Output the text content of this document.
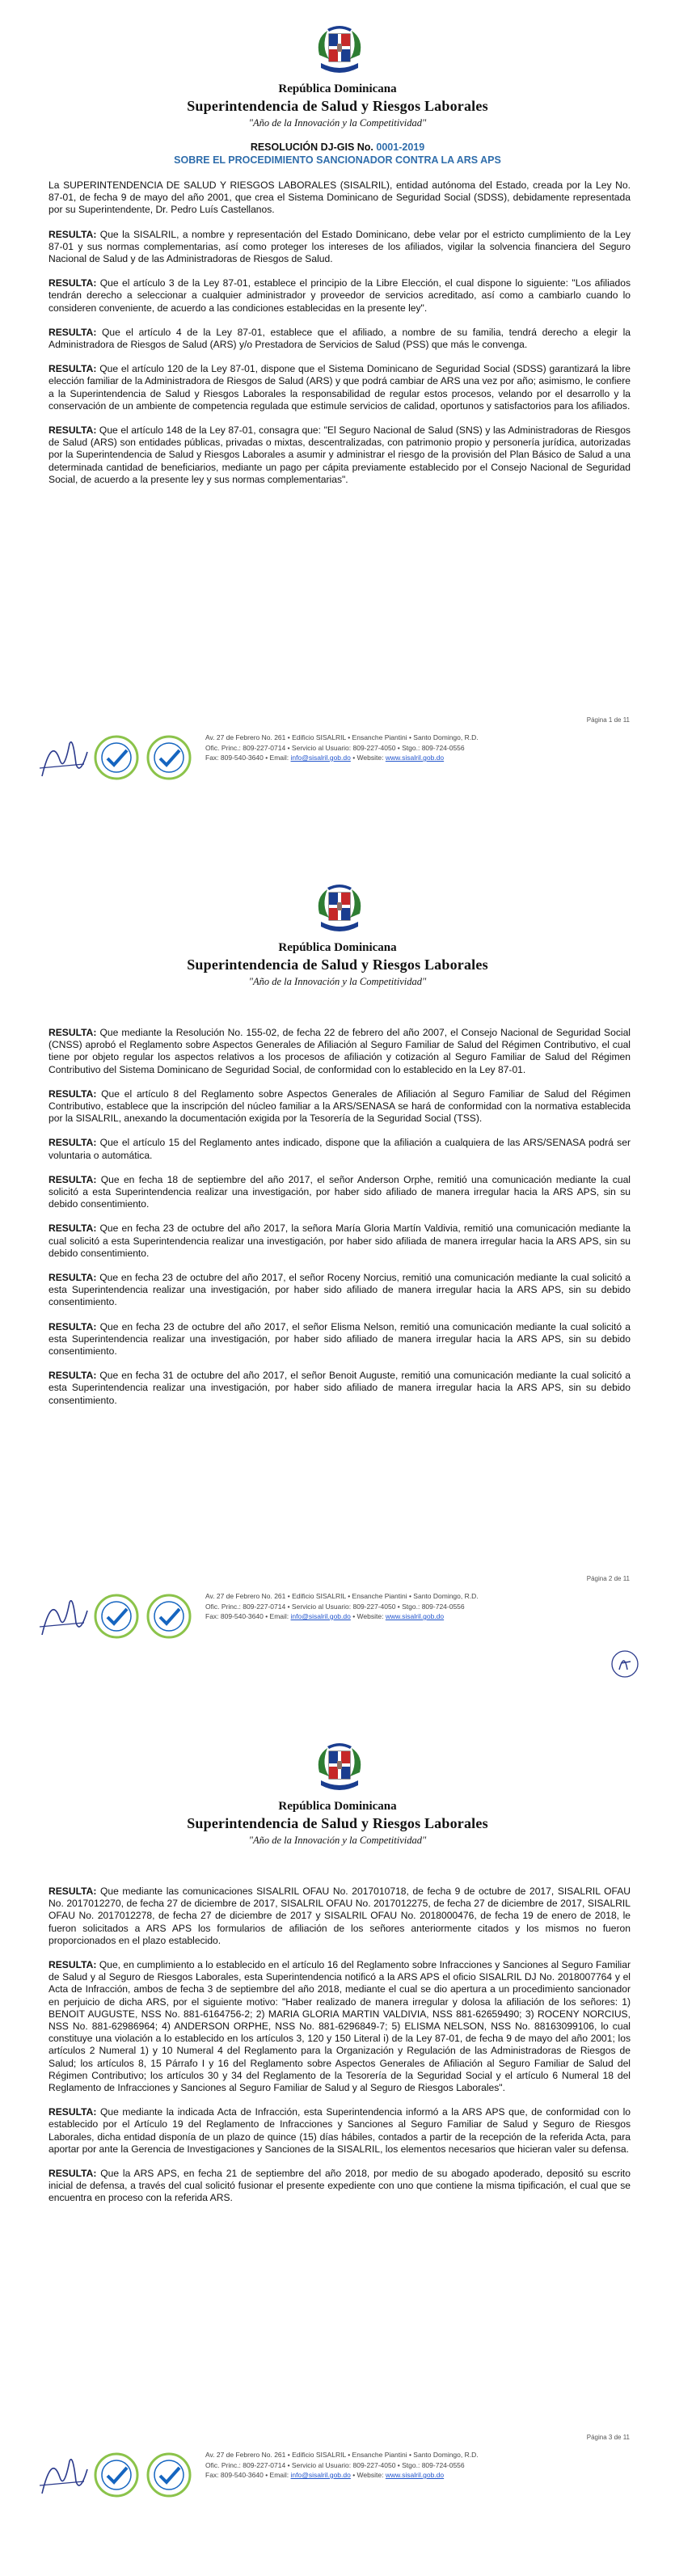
República Dominicana
Superintendencia de Salud y Riesgos Laborales
"Año de la Innovación y la Competitividad"
RESOLUCIÓN DJ-GIS No. 0001-2019
SOBRE EL PROCEDIMIENTO SANCIONADOR CONTRA LA ARS APS

La SUPERINTENDENCIA DE SALUD Y RIESGOS LABORALES (SISALRIL), entidad autónoma del Estado, creada por la Ley No. 87-01, de fecha 9 de mayo del año 2001, que crea el Sistema Dominicano de Seguridad Social (SDSS), debidamente representada por su Superintendente, Dr. Pedro Luís Castellanos.

RESULTA: Que la SISALRIL, a nombre y representación del Estado Dominicano, debe velar por el estricto cumplimiento de la Ley 87-01 y sus normas complementarias, así como proteger los intereses de los afiliados, vigilar la solvencia financiera del Seguro Nacional de Salud y de las Administradoras de Riesgos de Salud.

RESULTA: Que el artículo 3 de la Ley 87-01, establece el principio de la Libre Elección, el cual dispone lo siguiente: "Los afiliados tendrán derecho a seleccionar a cualquier administrador y proveedor de servicios acreditado, así como a cambiarlo cuando lo consideren conveniente, de acuerdo a las condiciones establecidas en la presente ley".

RESULTA: Que el artículo 4 de la Ley 87-01, establece que el afiliado, a nombre de su familia, tendrá derecho a elegir la Administradora de Riesgos de Salud (ARS) y/o Prestadora de Servicios de Salud (PSS) que más le convenga.

RESULTA: Que el artículo 120 de la Ley 87-01, dispone que el Sistema Dominicano de Seguridad Social (SDSS) garantizará la libre elección familiar de la Administradora de Riesgos de Salud (ARS) y que podrá cambiar de ARS una vez por año; asimismo, le confiere a la Superintendencia de Salud y Riesgos Laborales la responsabilidad de regular estos procesos, velando por el desarrollo y la conservación de un ambiente de competencia regulada que estimule servicios de calidad, oportunos y satisfactorios para los afiliados.

RESULTA: Que el artículo 148 de la Ley 87-01, consagra que: "El Seguro Nacional de Salud (SNS) y las Administradoras de Riesgos de Salud (ARS) son entidades públicas, privadas o mixtas, descentralizadas, con patrimonio propio y personería jurídica, autorizadas por la Superintendencia de Salud y Riesgos Laborales a asumir y administrar el riesgo de la provisión del Plan Básico de Salud a una determinada cantidad de beneficiarios, mediante un pago per cápita previamente establecido por el Consejo Nacional de Seguridad Social, de acuerdo a la presente ley y sus normas complementarias".

Página 1 de 11
Av. 27 de Febrero No. 261 • Edificio SISALRIL • Ensanche Piantini • Santo Domingo, R.D.
Ofic. Princ.: 809-227-0714 • Servicio al Usuario: 809-227-4050 • Stgo.: 809-724-0556
Fax: 809-540-3640 • Email: info@sisalril.gob.do • Website: www.sisalril.gob.do
República Dominicana
Superintendencia de Salud y Riesgos Laborales
"Año de la Innovación y la Competitividad"

RESULTA: Que mediante la Resolución No. 155-02, de fecha 22 de febrero del año 2007, el Consejo Nacional de Seguridad Social (CNSS) aprobó el Reglamento sobre Aspectos Generales de Afiliación al Seguro Familiar de Salud del Régimen Contributivo, el cual tiene por objeto regular los aspectos relativos a los procesos de afiliación y cotización al Seguro Familiar de Salud del Régimen Contributivo del Sistema Dominicano de Seguridad Social, de conformidad con lo establecido en la Ley 87-01.

RESULTA: Que el artículo 8 del Reglamento sobre Aspectos Generales de Afiliación al Seguro Familiar de Salud del Régimen Contributivo, establece que la inscripción del núcleo familiar a la ARS/SENASA se hará de conformidad con la normativa establecida por la SISALRIL, anexando la documentación exigida por la Tesorería de la Seguridad Social (TSS).

RESULTA: Que el artículo 15 del Reglamento antes indicado, dispone que la afiliación a cualquiera de las ARS/SENASA podrá ser voluntaria o automática.

RESULTA: Que en fecha 18 de septiembre del año 2017, el señor Anderson Orphe, remitió una comunicación mediante la cual solicitó a esta Superintendencia realizar una investigación, por haber sido afiliado de manera irregular hacia la ARS APS, sin su debido consentimiento.

RESULTA: Que en fecha 23 de octubre del año 2017, la señora María Gloria Martín Valdivia, remitió una comunicación mediante la cual solicitó a esta Superintendencia realizar una investigación, por haber sido afiliada de manera irregular hacia la ARS APS, sin su debido consentimiento.

RESULTA: Que en fecha 23 de octubre del año 2017, el señor Roceny Norcius, remitió una comunicación mediante la cual solicitó a esta Superintendencia realizar una investigación, por haber sido afiliado de manera irregular hacia la ARS APS, sin su debido consentimiento.

RESULTA: Que en fecha 23 de octubre del año 2017, el señor Elisma Nelson, remitió una comunicación mediante la cual solicitó a esta Superintendencia realizar una investigación, por haber sido afiliado de manera irregular hacia la ARS APS, sin su debido consentimiento.

RESULTA: Que en fecha 31 de octubre del año 2017, el señor Benoit Auguste, remitió una comunicación mediante la cual solicitó a esta Superintendencia realizar una investigación, por haber sido afiliado de manera irregular hacia la ARS APS, sin su debido consentimiento.

Página 2 de 11
Av. 27 de Febrero No. 261 • Edificio SISALRIL • Ensanche Piantini • Santo Domingo, R.D.
Ofic. Princ.: 809-227-0714 • Servicio al Usuario: 809-227-4050 • Stgo.: 809-724-0556
Fax: 809-540-3640 • Email: info@sisalril.gob.do • Website: www.sisalril.gob.do
República Dominicana
Superintendencia de Salud y Riesgos Laborales
"Año de la Innovación y la Competitividad"

RESULTA: Que mediante las comunicaciones SISALRIL OFAU No. 2017010718, de fecha 9 de octubre de 2017, SISALRIL OFAU No. 2017012270, de fecha 27 de diciembre de 2017, SISALRIL OFAU No. 2017012275, de fecha 27 de diciembre de 2017, SISALRIL OFAU No. 2017012278, de fecha 27 de diciembre de 2017 y SISALRIL OFAU No. 2018000476, de fecha 19 de enero de 2018, le fueron solicitados a ARS APS los formularios de afiliación de los señores anteriormente citados y los mismos no fueron proporcionados en el plazo establecido.

RESULTA: Que, en cumplimiento a lo establecido en el artículo 16 del Reglamento sobre Infracciones y Sanciones al Seguro Familiar de Salud y al Seguro de Riesgos Laborales, esta Superintendencia notificó a la ARS APS el oficio SISALRIL DJ No. 2018007764 y el Acta de Infracción, ambos de fecha 3 de septiembre del año 2018, mediante el cual se dio apertura a un procedimiento sancionador en perjuicio de dicha ARS, por el siguiente motivo: "Haber realizado de manera irregular y dolosa la afiliación de los señores: 1) BENOIT AUGUSTE, NSS No. 881-6164756-2; 2) MARIA GLORIA MARTIN VALDIVIA, NSS 881-62659490; 3) ROCENY NORCIUS, NSS No. 881-62986964; 4) ANDERSON ORPHE, NSS No. 881-6296849-7; 5) ELISMA NELSON, NSS No. 88163099106, lo cual constituye una violación a lo establecido en los artículos 3, 120 y 150 Literal i) de la Ley 87-01, de fecha 9 de mayo del año 2001; los artículos 2 Numeral 1) y 10 Numeral 4 del Reglamento para la Organización y Regulación de las Administradoras de Riesgos de Salud; los artículos 8, 15 Párrafo I y 16 del Reglamento sobre Aspectos Generales de Afiliación al Seguro Familiar de Salud del Régimen Contributivo; los artículos 30 y 34 del Reglamento de la Tesorería de la Seguridad Social y el artículo 6 Numeral 18 del Reglamento de Infracciones y Sanciones al Seguro Familiar de Salud y al Seguro de Riesgos Laborales".

RESULTA: Que mediante la indicada Acta de Infracción, esta Superintendencia informó a la ARS APS que, de conformidad con lo establecido por el Artículo 19 del Reglamento de Infracciones y Sanciones al Seguro Familiar de Salud y Seguro de Riesgos Laborales, dicha entidad disponía de un plazo de quince (15) días hábiles, contados a partir de la recepción de la referida Acta, para aportar por ante la Gerencia de Investigaciones y Sanciones de la SISALRIL, los elementos necesarios que hicieran valer su defensa.

RESULTA: Que la ARS APS, en fecha 21 de septiembre del año 2018, por medio de su abogado apoderado, depositó su escrito inicial de defensa, a través del cual solicitó fusionar el presente expediente con uno que contiene la misma tipificación, el cual que se encuentra en proceso con la referida ARS.

Página 3 de 11
Av. 27 de Febrero No. 261 • Edificio SISALRIL • Ensanche Piantini • Santo Domingo, R.D.
Ofic. Princ.: 809-227-0714 • Servicio al Usuario: 809-227-4050 • Stgo.: 809-724-0556
Fax: 809-540-3640 • Email: info@sisalril.gob.do • Website: www.sisalril.gob.do
